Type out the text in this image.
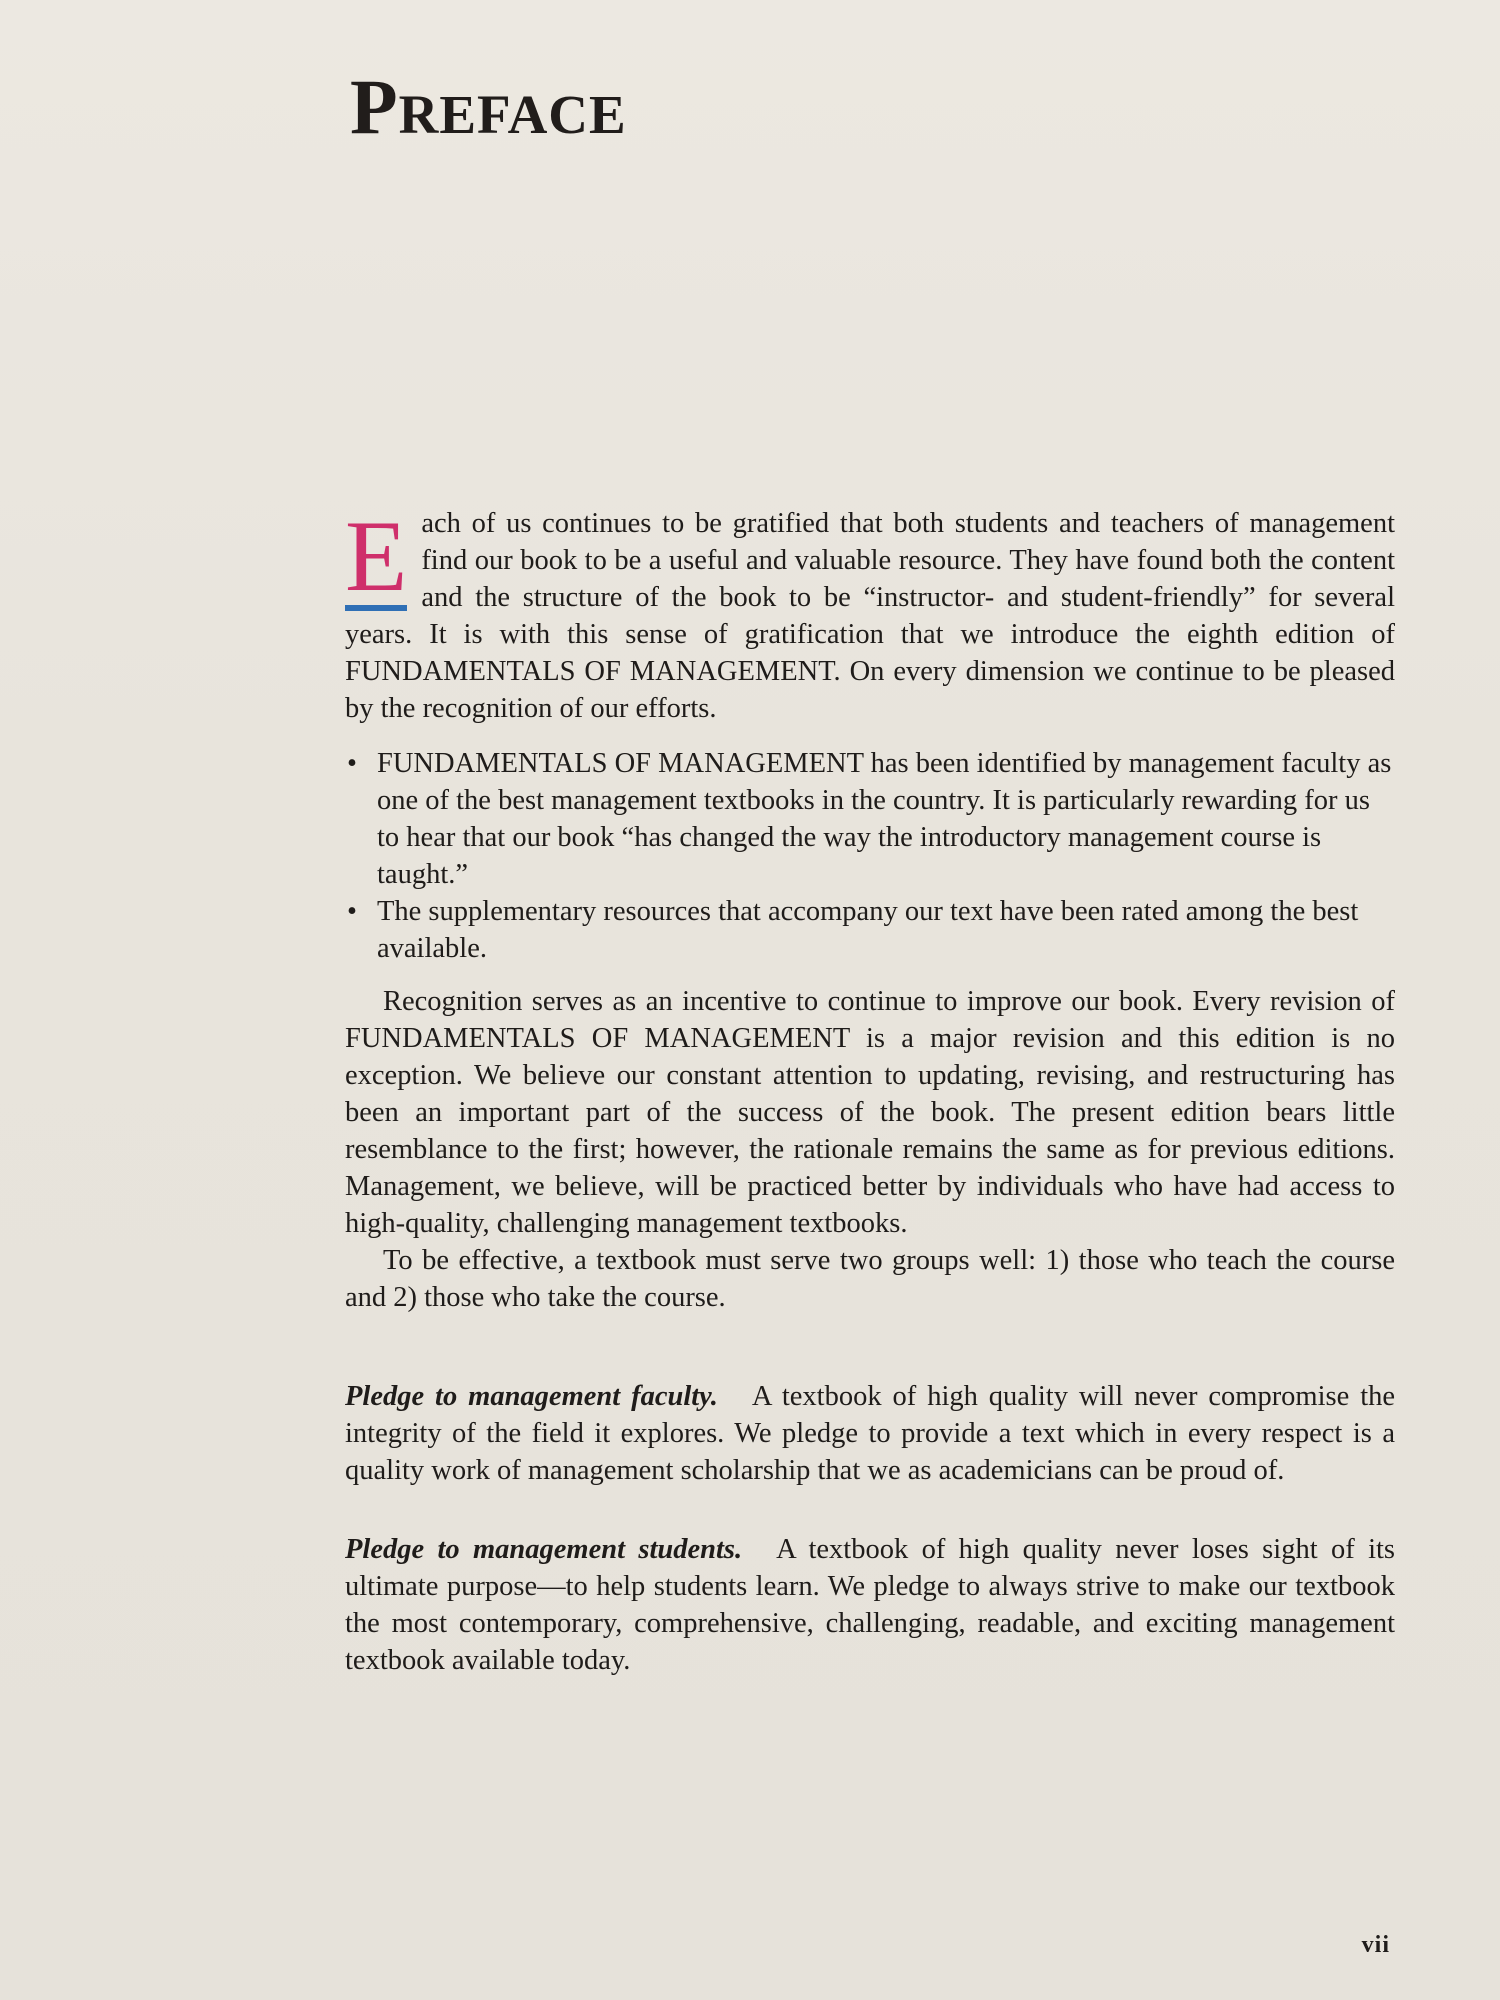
Preface

E ach of us continues to be gratified that both students and teachers of management find our book to be a useful and valuable resource. They have found both the content and the structure of the book to be “instructor- and student-friendly” for several years. It is with this sense of gratification that we introduce the eighth edition of FUNDAMENTALS OF MANAGEMENT. On every dimension we continue to be pleased by the recognition of our efforts.

• FUNDAMENTALS OF MANAGEMENT has been identified by management faculty as one of the best management textbooks in the country. It is particularly rewarding for us to hear that our book “has changed the way the introductory management course is taught.”
• The supplementary resources that accompany our text have been rated among the best available.

Recognition serves as an incentive to continue to improve our book. Every revision of FUNDAMENTALS OF MANAGEMENT is a major revision and this edition is no exception. We believe our constant attention to updating, revising, and restructuring has been an important part of the success of the book. The present edition bears little resemblance to the first; however, the rationale remains the same as for previous editions. Management, we believe, will be practiced better by individuals who have had access to high-quality, challenging management textbooks.

To be effective, a textbook must serve two groups well: 1) those who teach the course and 2) those who take the course.

Pledge to management faculty. A textbook of high quality will never compromise the integrity of the field it explores. We pledge to provide a text which in every respect is a quality work of management scholarship that we as academicians can be proud of.

Pledge to management students. A textbook of high quality never loses sight of its ultimate purpose—to help students learn. We pledge to always strive to make our textbook the most contemporary, comprehensive, challenging, readable, and exciting management textbook available today.

vii
